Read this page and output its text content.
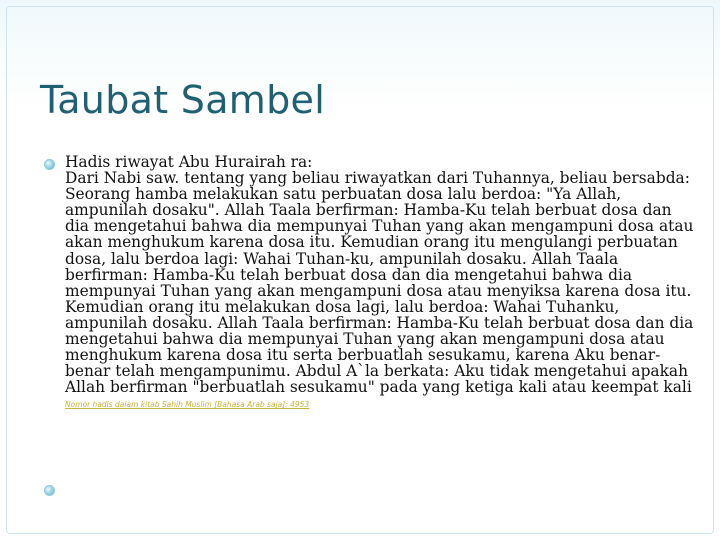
Taubat Sambel

Hadis riwayat Abu Hurairah ra:
Dari Nabi saw. tentang yang beliau riwayatkan dari Tuhannya, beliau bersabda: Seorang hamba melakukan satu perbuatan dosa lalu berdoa: "Ya Allah, ampunilah dosaku". Allah Taala berfirman: Hamba-Ku telah berbuat dosa dan dia mengetahui bahwa dia mempunyai Tuhan yang akan mengampuni dosa atau akan menghukum karena dosa itu. Kemudian orang itu mengulangi perbuatan dosa, lalu berdoa lagi: Wahai Tuhan-ku, ampunilah dosaku. Allah Taala berfirman: Hamba-Ku telah berbuat dosa dan dia mengetahui bahwa dia mempunyai Tuhan yang akan mengampuni dosa atau menyiksa karena dosa itu. Kemudian orang itu melakukan dosa lagi, lalu berdoa: Wahai Tuhanku, ampunilah dosaku. Allah Taala berfirman: Hamba-Ku telah berbuat dosa dan dia mengetahui bahwa dia mempunyai Tuhan yang akan mengampuni dosa atau menghukum karena dosa itu serta berbuatlah sesukamu, karena Aku benar-benar telah mengampunimu. Abdul A`la berkata: Aku tidak mengetahui apakah Allah berfirman "berbuatlah sesukamu" pada yang ketiga kali atau keempat kali

Nomor hadis dalam kitab Sahih Muslim [Bahasa Arab saja]: 4953
